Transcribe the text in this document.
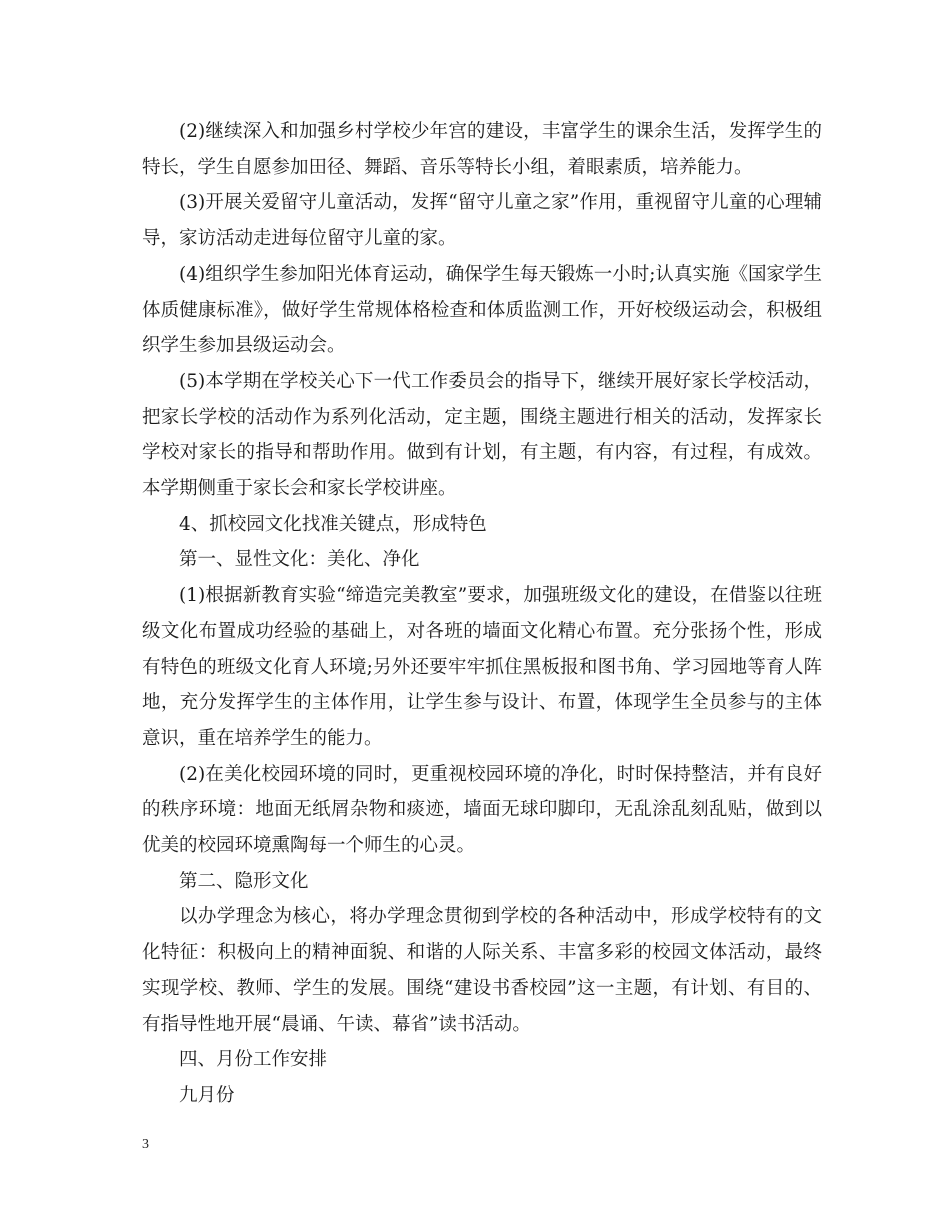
(2)继续深入和加强乡村学校少年宫的建设，丰富学生的课余生活，发挥学生的特长，学生自愿参加田径、舞蹈、音乐等特长小组，着眼素质，培养能力。

(3)开展关爱留守儿童活动，发挥“留守儿童之家”作用，重视留守儿童的心理辅导，家访活动走进每位留守儿童的家。

(4)组织学生参加阳光体育运动，确保学生每天锻炼一小时;认真实施《国家学生体质健康标准》，做好学生常规体格检查和体质监测工作，开好校级运动会，积极组织学生参加县级运动会。

(5)本学期在学校关心下一代工作委员会的指导下，继续开展好家长学校活动，把家长学校的活动作为系列化活动，定主题，围绕主题进行相关的活动，发挥家长学校对家长的指导和帮助作用。做到有计划，有主题，有内容，有过程，有成效。本学期侧重于家长会和家长学校讲座。

4、抓校园文化找准关键点，形成特色

第一、显性文化：美化、净化

(1)根据新教育实验“缔造完美教室”要求，加强班级文化的建设，在借鉴以往班级文化布置成功经验的基础上，对各班的墙面文化精心布置。充分张扬个性，形成有特色的班级文化育人环境;另外还要牢牢抓住黑板报和图书角、学习园地等育人阵地，充分发挥学生的主体作用，让学生参与设计、布置，体现学生全员参与的主体意识，重在培养学生的能力。

(2)在美化校园环境的同时，更重视校园环境的净化，时时保持整洁，并有良好的秩序环境：地面无纸屑杂物和痰迹，墙面无球印脚印，无乱涂乱刻乱贴，做到以优美的校园环境熏陶每一个师生的心灵。

第二、隐形文化

以办学理念为核心，将办学理念贯彻到学校的各种活动中，形成学校特有的文化特征：积极向上的精神面貌、和谐的人际关系、丰富多彩的校园文体活动，最终实现学校、教师、学生的发展。围绕“建设书香校园”这一主题，有计划、有目的、有指导性地开展“晨诵、午读、幕省”读书活动。

四、月份工作安排

九月份

3
